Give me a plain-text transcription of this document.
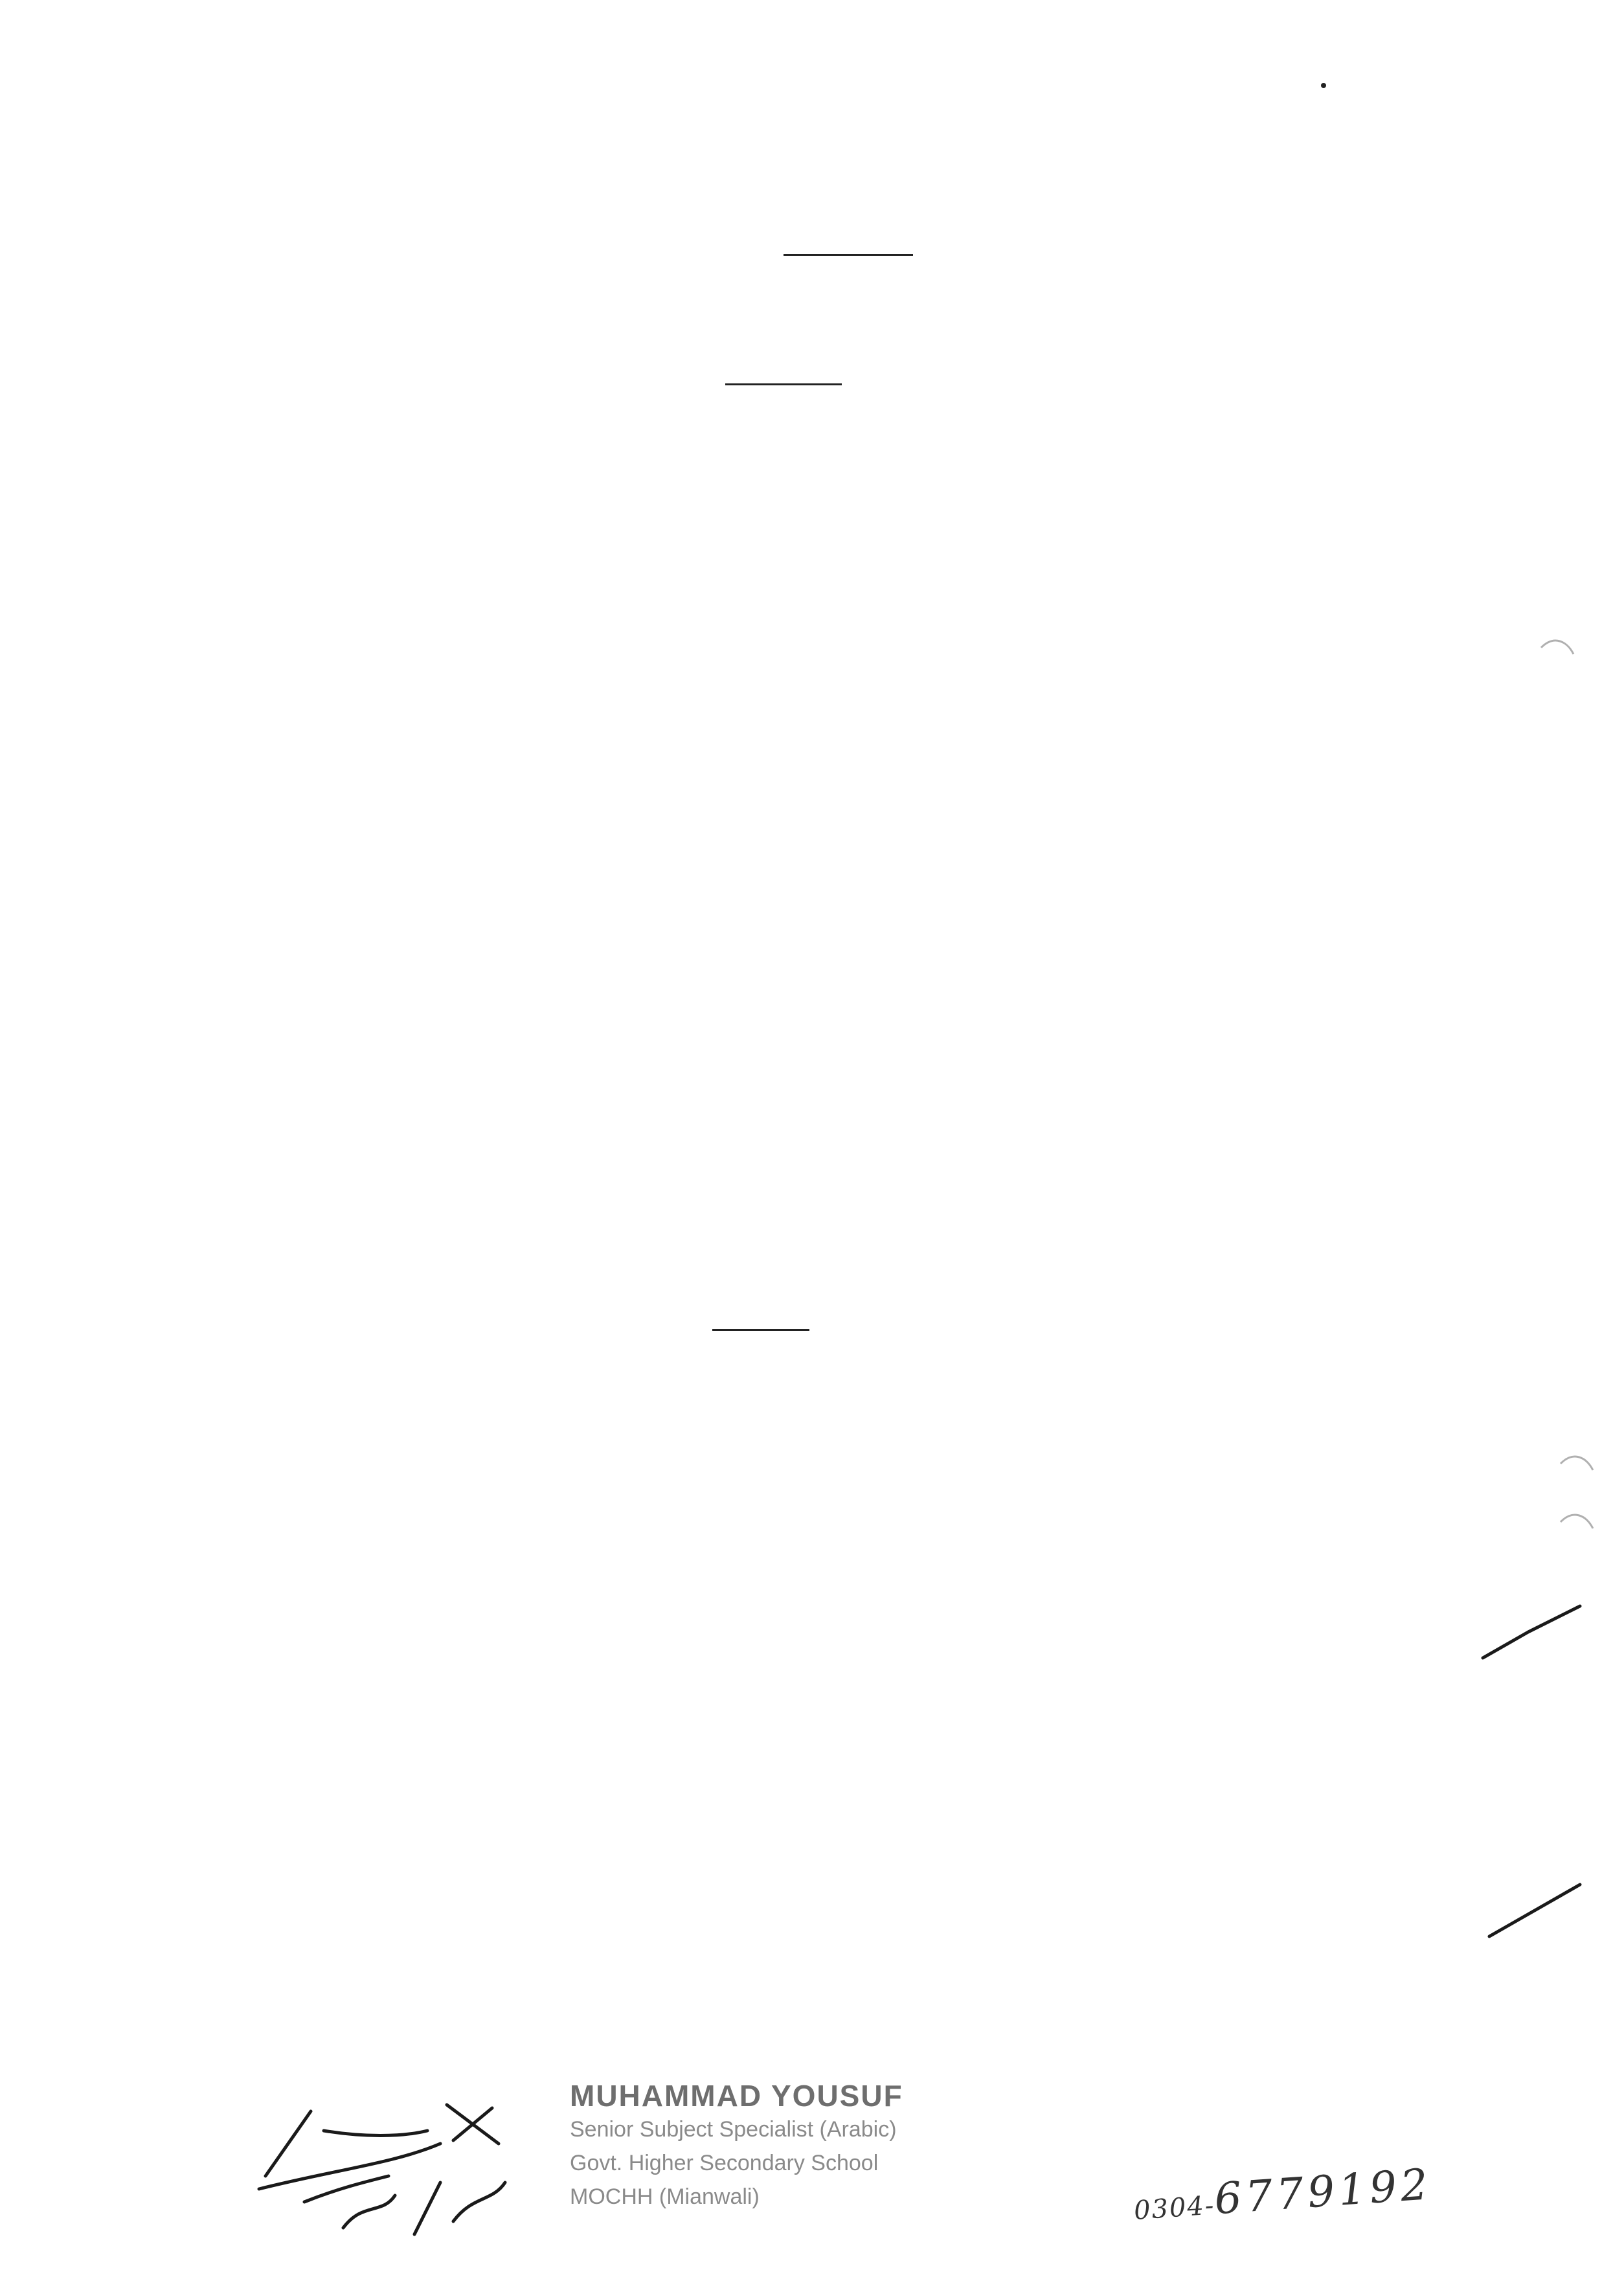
MUHAMMAD YOUSUF
Senior Subject Specialist (Arabic)
Govt. Higher Secondary School
MOCHH (Mianwali)	0304-6779192
